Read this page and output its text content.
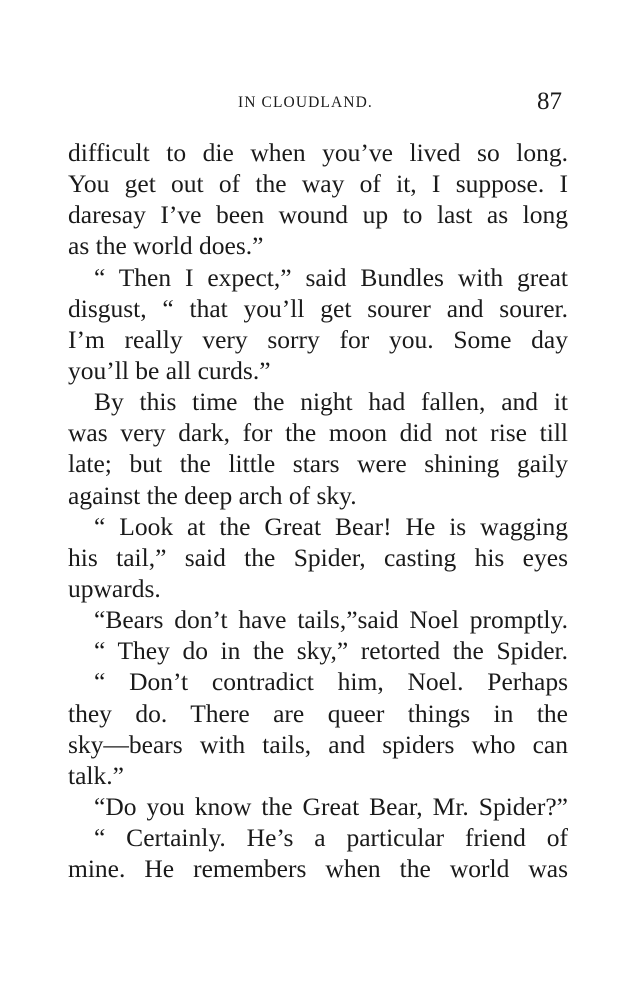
IN CLOUDLAND.	87
difficult to die when you’ve lived so long.
You get out of the way of it, I suppose. I
daresay I’ve been wound up to last as long
as the world does.”
“ Then I expect,” said Bundles with great
disgust, “ that you’ll get sourer and sourer.
I’m really very sorry for you. Some day
you’ll be all curds.”
By this time the night had fallen, and it
was very dark, for the moon did not rise till
late; but the little stars were shining gaily
against the deep arch of sky.
“ Look at the Great Bear! He is wagging
his tail,” said the Spider, casting his eyes
upwards.
“Bears don’t have tails,”said Noel promptly.
“ They do in the sky,” retorted the Spider.
“ Don’t contradict him, Noel. Perhaps
they do. There are queer things in the
sky—bears with tails, and spiders who can
talk.”
“Do you know the Great Bear, Mr. Spider?”
“ Certainly. He’s a particular friend of
mine. He remembers when the world was
